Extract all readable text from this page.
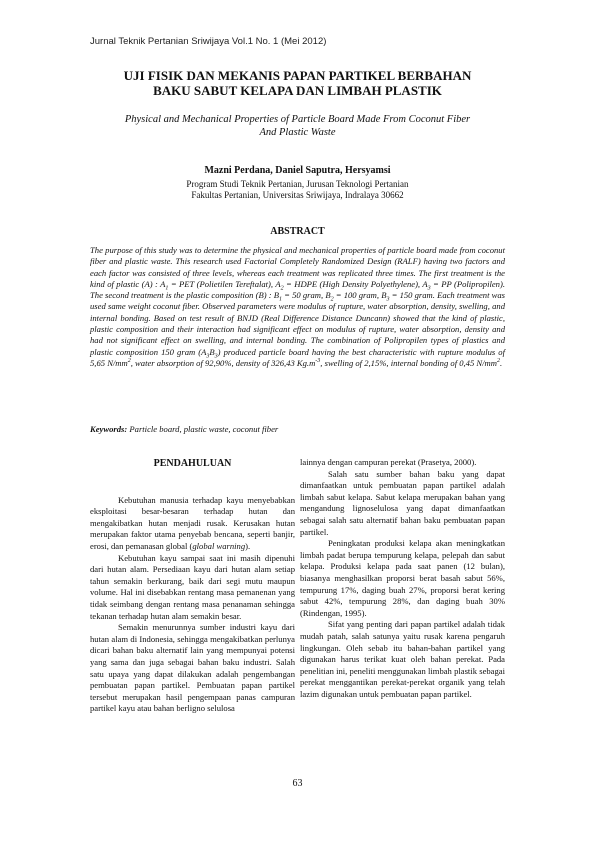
Jurnal Teknik Pertanian Sriwijaya Vol.1 No. 1 (Mei 2012)
UJI FISIK DAN MEKANIS PAPAN PARTIKEL BERBAHAN
BAKU SABUT KELAPA DAN LIMBAH PLASTIK
Physical and Mechanical Properties of Particle Board Made From Coconut Fiber
And Plastic Waste
Mazni Perdana, Daniel Saputra, Hersyamsi
Program Studi Teknik Pertanian, Jurusan Teknologi Pertanian
Fakultas Pertanian, Universitas Sriwijaya, Indralaya 30662
ABSTRACT

The purpose of this study was to determine the physical and mechanical properties of particle board made from coconut fiber and plastic waste. This research used Factorial Completely Randomized Design (RALF) having two factors and each factor was consisted of three levels, whereas each treatment was replicated three times. The first treatment is the kind of plastic (A) : $A_1$ = PET (Polietilen Tereftalat), $A_2$ = HDPE (High Density Polyethylene), $A_3$ = PP (Polipropilen). The second treatment is the plastic composition (B) : $B_1 = 50$ gram, $B_2 = 100$ gram, $B_3 = 150$ gram. Each treatment was used same weight coconut fiber. Observed parameters were modulus of rupture, water absorption, density, swelling, and internal bonding. Based on test result of BNJD (Real Difference Distance Duncann) showed that the kind of plastic, plastic composition and their interaction had significant effect on modulus of rupture, water absorption, density and had not significant effect on swelling, and internal bonding. The combination of Polipropilen types of plastics and plastic composition 150 gram $(A_3B_3)$ produced particle board having the best characteristic with rupture modulus of 5,65 $N/mm^2$, water absorption of 92,90%, density of 326,43 $Kg.m^{-3}$, swelling of 2,15%, internal bonding of 0,45 $N/mm^2$.

Keywords: Particle board, plastic waste, coconut fiber
PENDAHULUAN

Kebutuhan manusia terhadap kayu menyebabkan eksploitasi besar-besaran terhadap hutan dan mengakibatkan hutan menjadi rusak. Kerusakan hutan merupakan faktor utama penyebab bencana, seperti banjir, erosi, dan pemanasan global (global warning).

Kebutuhan kayu sampai saat ini masih dipenuhi dari hutan alam. Persediaan kayu dari hutan alam setiap tahun semakin berkurang, baik dari segi mutu maupun volume. Hal ini disebabkan rentang masa pemanenan yang tidak seimbang dengan rentang masa penanaman sehingga tekanan terhadap hutan alam semakin besar.

Semakin menurunnya sumber industri kayu dari hutan alam di Indonesia, sehingga mengakibatkan perlunya dicari bahan baku alternatif lain yang mempunyai potensi yang sama dan juga sebagai bahan baku industri. Salah satu upaya yang dapat dilakukan adalah pengembangan pembuatan papan partikel. Pembuatan papan partikel tersebut merupakan hasil pengempaan panas campuran partikel kayu atau bahan berligno selulosa

lainnya dengan campuran perekat (Prasetya, 2000).

Salah satu sumber bahan baku yang dapat dimanfaatkan untuk pembuatan papan partikel adalah limbah sabut kelapa. Sabut kelapa merupakan bahan yang mengandung lignoselulosa yang dapat dimanfaatkan sebagai salah satu alternatif bahan baku pembuatan papan partikel.

Peningkatan produksi kelapa akan meningkatkan limbah padat berupa tempurung kelapa, pelepah dan sabut kelapa. Produksi kelapa pada saat panen (12 bulan), biasanya menghasilkan proporsi berat basah sabut 56%, tempurung 17%, daging buah 27%, proporsi berat kering sabut 42%, tempurung 28%, dan daging buah 30% (Rindengan, 1995).

Sifat yang penting dari papan partikel adalah tidak mudah patah, salah satunya yaitu rusak karena pengaruh lingkungan. Oleh sebab itu bahan-bahan partikel yang digunakan harus terikat kuat oleh bahan perekat. Pada penelitian ini, peneliti menggunakan limbah plastik sebagai perekat menggantikan perekat-perekat organik yang telah lazim digunakan untuk pembuatan papan partikel.

63
